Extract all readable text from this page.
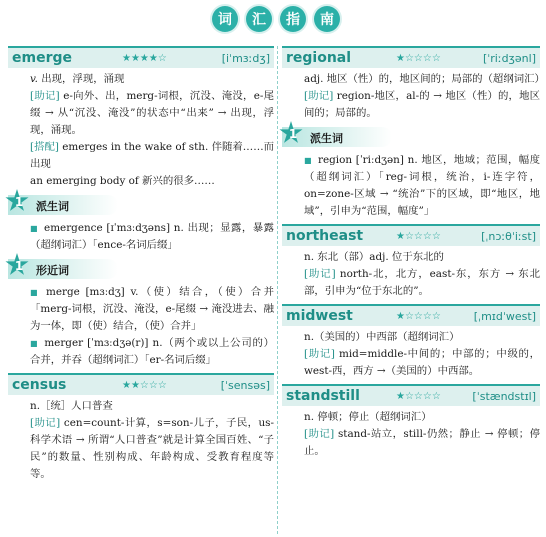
词	汇	指	南
emerge	★★★★☆	[iˈmɜːdʒ]

v. 出现，浮现，涌现

[助记] e-向外、出，merg-词根，沉没、淹没，e-尾缀 → 从“沉没、淹没”的状态中“出来” → 出现，浮现，涌现。

[搭配] emerges in the wake of sth. 伴随着……而出现

an emerging body of 新兴的很多……

1	派生词

■ emergence [ɪˈmɜːdʒəns] n. 出现；显露，暴露（超纲词汇）「ence-名词后缀」

1	形近词

■ merge [mɜːdʒ] v.（使）结合，（使）合并「merg-词根，沉没、淹没，e-尾缀 → 淹没进去、融为一体，即（使）结合，（使）合并」

■ merger [ˈmɜːdʒə(r)] n.（两个或以上公司的）合并，并吞（超纲词汇）「er-名词后缀」

census	★★☆☆☆	[ˈsensəs]

n.［统］人口普查

[助记] cen=count-计算，s=son-儿子，子民，us-科学术语 → 所谓“人口普查”就是计算全国百姓、“子民”的数量、性别构成、年龄构成、受教育程度等等。

regional	★☆☆☆☆	[ˈriːdʒənl]

adj. 地区（性）的，地区间的；局部的（超纲词汇）

[助记] region-地区，al-的 → 地区（性）的，地区间的；局部的。

1	派生词

■ region [ˈriːdʒən] n. 地区，地域；范围，幅度（超纲词汇）「reg-词根，统治，i-连字符，on=zone-区域 → “统治”下的区域，即“地区，地域”，引申为“范围，幅度”」

northeast	★☆☆☆☆	[ˌnɔːθˈiːst]

n. 东北（部）adj. 位于东北的

[助记] north-北，北方，east-东，东方 → 东北部，引申为“位于东北的”。

midwest	★☆☆☆☆	[ˌmɪdˈwest]

n.（美国的）中西部（超纲词汇）

[助记] mid=middle-中间的；中部的；中级的，west-西，西方 →（美国的）中西部。

standstill	★☆☆☆☆	[ˈstændstɪl]

n. 停顿；停止（超纲词汇）

[助记] stand-站立，still-仍然；静止 → 停顿；停止。
